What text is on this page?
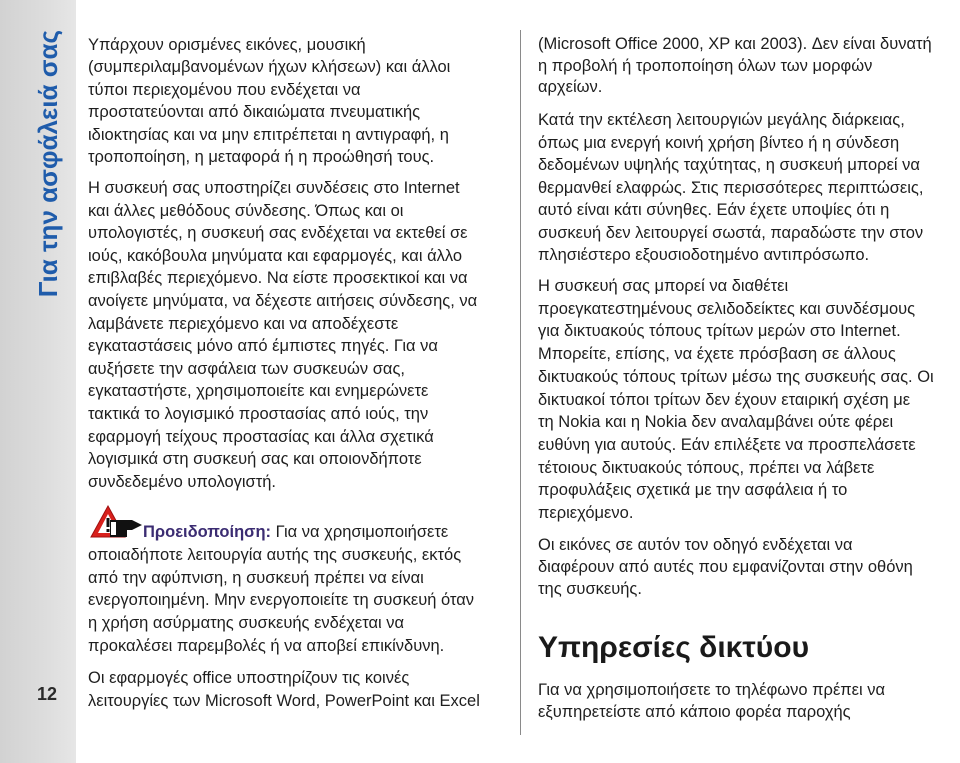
Για την ασφάλειά σας
12
Υπάρχουν ορισμένες εικόνες, μουσική
(συμπεριλαμβανομένων ήχων κλήσεων) και άλλοι
τύποι περιεχομένου που ενδέχεται να
προστατεύονται από δικαιώματα πνευματικής
ιδιοκτησίας και να μην επιτρέπεται η αντιγραφή, η
τροποποίηση, η μεταφορά ή η προώθησή τους.
Η συσκευή σας υποστηρίζει συνδέσεις στο Internet
και άλλες μεθόδους σύνδεσης. Όπως και οι
υπολογιστές, η συσκευή σας ενδέχεται να εκτεθεί σε
ιούς, κακόβουλα μηνύματα και εφαρμογές, και άλλο
επιβλαβές περιεχόμενο. Να είστε προσεκτικοί και να
ανοίγετε μηνύματα, να δέχεστε αιτήσεις σύνδεσης, να
λαμβάνετε περιεχόμενο και να αποδέχεστε
εγκαταστάσεις μόνο από έμπιστες πηγές. Για να
αυξήσετε την ασφάλεια των συσκευών σας,
εγκαταστήστε, χρησιμοποιείτε και ενημερώνετε
τακτικά το λογισμικό προστασίας από ιούς, την
εφαρμογή τείχους προστασίας και άλλα σχετικά
λογισμικά στη συσκευή σας και οποιονδήποτε
συνδεδεμένο υπολογιστή.
Προειδοποίηση: Για να χρησιμοποιήσετε
οποιαδήποτε λειτουργία αυτής της συσκευής, εκτός
από την αφύπνιση, η συσκευή πρέπει να είναι
ενεργοποιημένη. Μην ενεργοποιείτε τη συσκευή όταν
η χρήση ασύρματης συσκευής ενδέχεται να
προκαλέσει παρεμβολές ή να αποβεί επικίνδυνη.
Οι εφαρμογές office υποστηρίζουν τις κοινές
λειτουργίες των Microsoft Word, PowerPoint και Excel
(Microsoft Office 2000, XP και 2003). Δεν είναι δυνατή
η προβολή ή τροποποίηση όλων των μορφών
αρχείων.
Κατά την εκτέλεση λειτουργιών μεγάλης διάρκειας,
όπως μια ενεργή κοινή χρήση βίντεο ή η σύνδεση
δεδομένων υψηλής ταχύτητας, η συσκευή μπορεί να
θερμανθεί ελαφρώς. Στις περισσότερες περιπτώσεις,
αυτό είναι κάτι σύνηθες. Εάν έχετε υποψίες ότι η
συσκευή δεν λειτουργεί σωστά, παραδώστε την στον
πλησιέστερο εξουσιοδοτημένο αντιπρόσωπο.
Η συσκευή σας μπορεί να διαθέτει
προεγκατεστημένους σελιδοδείκτες και συνδέσμους
για δικτυακούς τόπους τρίτων μερών στο Internet.
Μπορείτε, επίσης, να έχετε πρόσβαση σε άλλους
δικτυακούς τόπους τρίτων μέσω της συσκευής σας. Οι
δικτυακοί τόποι τρίτων δεν έχουν εταιρική σχέση με
τη Nokia και η Nokia δεν αναλαμβάνει ούτε φέρει
ευθύνη για αυτούς. Εάν επιλέξετε να προσπελάσετε
τέτοιους δικτυακούς τόπους, πρέπει να λάβετε
προφυλάξεις σχετικά με την ασφάλεια ή το
περιεχόμενο.
Οι εικόνες σε αυτόν τον οδηγό ενδέχεται να
διαφέρουν από αυτές που εμφανίζονται στην οθόνη
της συσκευής.
Υπηρεσίες δικτύου
Για να χρησιμοποιήσετε το τηλέφωνο πρέπει να
εξυπηρετείστε από κάποιο φορέα παροχής
